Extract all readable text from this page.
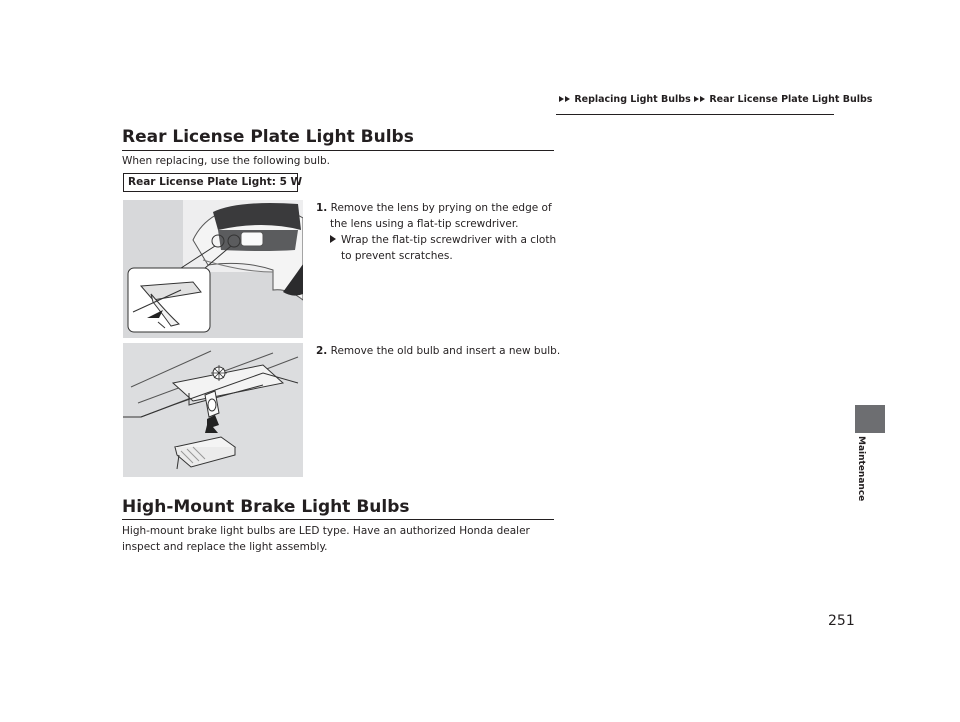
Replacing Light Bulbs Rear License Plate Light Bulbs
Maintenance
Rear License Plate Light Bulbs
When replacing, use the following bulb.
Rear License Plate Light: 5 W
1. Remove the lens by prying on the edge of
the lens using a flat-tip screwdriver.
Wrap the flat-tip screwdriver with a cloth
to prevent scratches.
2. Remove the old bulb and insert a new bulb.
High-Mount Brake Light Bulbs
High-mount brake light bulbs are LED type. Have an authorized Honda dealer
inspect and replace the light assembly.
251
